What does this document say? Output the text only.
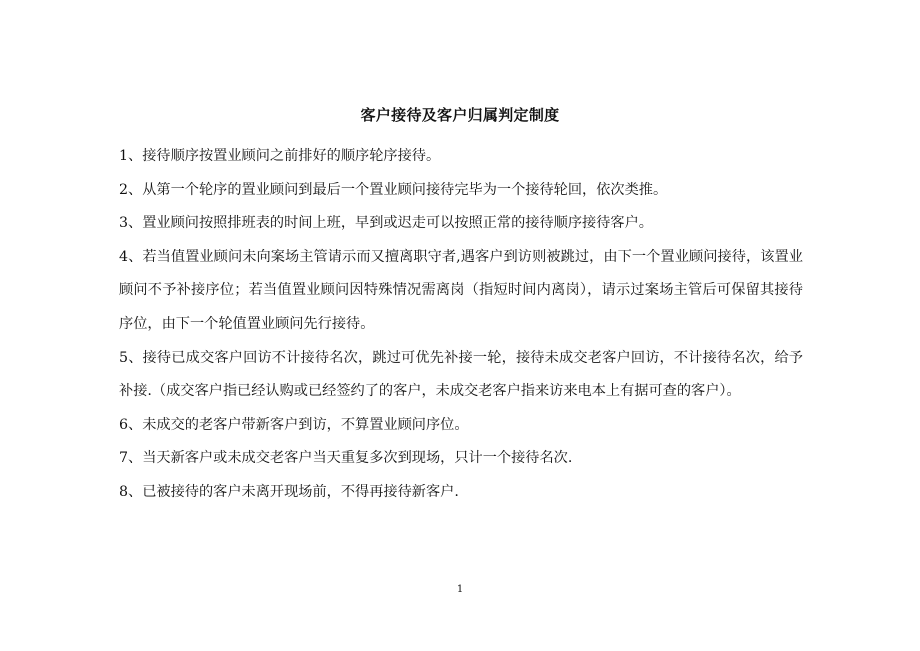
客户接待及客户归属判定制度

1、接待顺序按置业顾问之前排好的顺序轮序接待。

2、从第一个轮序的置业顾问到最后一个置业顾问接待完毕为一个接待轮回，依次类推。

3、置业顾问按照排班表的时间上班，早到或迟走可以按照正常的接待顺序接待客户。

4、若当值置业顾问未向案场主管请示而又擅离职守者,遇客户到访则被跳过，由下一个置业顾问接待，该置业顾问不予补接序位；若当值置业顾问因特殊情况需离岗（指短时间内离岗），请示过案场主管后可保留其接待序位，由下一个轮值置业顾问先行接待。

5、接待已成交客户回访不计接待名次，跳过可优先补接一轮，接待未成交老客户回访，不计接待名次，给予补接.（成交客户指已经认购或已经签约了的客户，未成交老客户指来访来电本上有据可查的客户）。

6、未成交的老客户带新客户到访，不算置业顾问序位。

7、当天新客户或未成交老客户当天重复多次到现场，只计一个接待名次.

8、已被接待的客户未离开现场前，不得再接待新客户.

1
